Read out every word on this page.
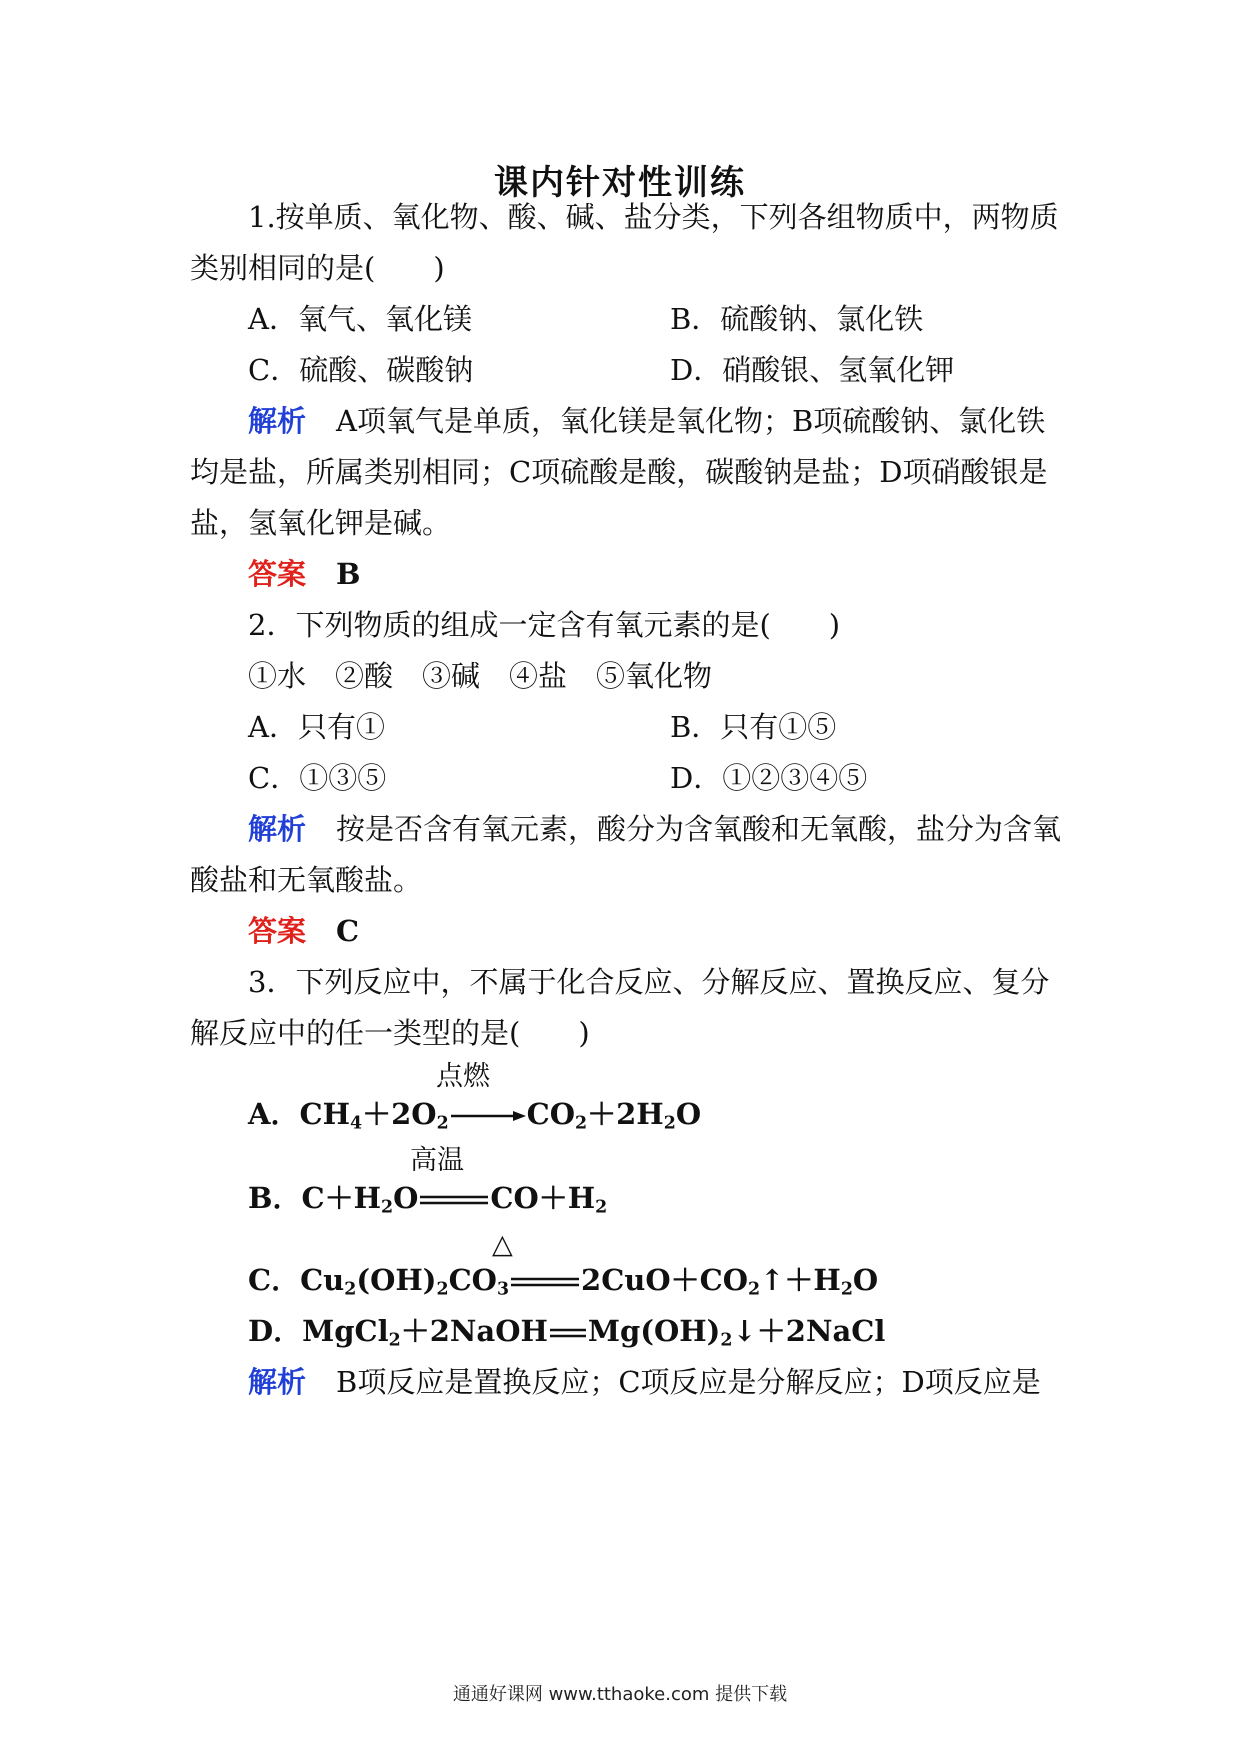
课内针对性训练
1.按单质、氧化物、酸、碱、盐分类，下列各组物质中，两物质
类别相同的是(　　)
A．氧气、氧化镁	B．硫酸钠、氯化铁
C．硫酸、碳酸钠	D．硝酸银、氢氧化钾
解析 A项氧气是单质，氧化镁是氧化物；B项硫酸钠、氯化铁
均是盐，所属类别相同；C项硫酸是酸，碳酸钠是盐；D项硝酸银是
盐，氢氧化钾是碱。
答案 B
2．下列物质的组成一定含有氧元素的是(　　)
①水　②酸　③碱　④盐　⑤氧化物
A．只有①	B．只有①⑤
C．①③⑤	D．①②③④⑤
解析 按是否含有氧元素，酸分为含氧酸和无氧酸，盐分为含氧
酸盐和无氧酸盐。
答案 C
3．下列反应中，不属于化合反应、分解反应、置换反应、复分
解反应中的任一类型的是(　　)
点燃
A．$CH_4+2O_2$	$CO_2+2H_2O$
高温
B．$C+H_2O$ $CO+H_2$
△
C．$Cu_2(OH)_2CO_3$ $2CuO+CO_2↑+H_2O$
D．MgCl$_2$＋2NaOH $Mg(OH)_2↓+2NaCl$
解析 B项反应是置换反应；C项反应是分解反应；D项反应是
通通好课网 www.tthaoke.com 提供下载
